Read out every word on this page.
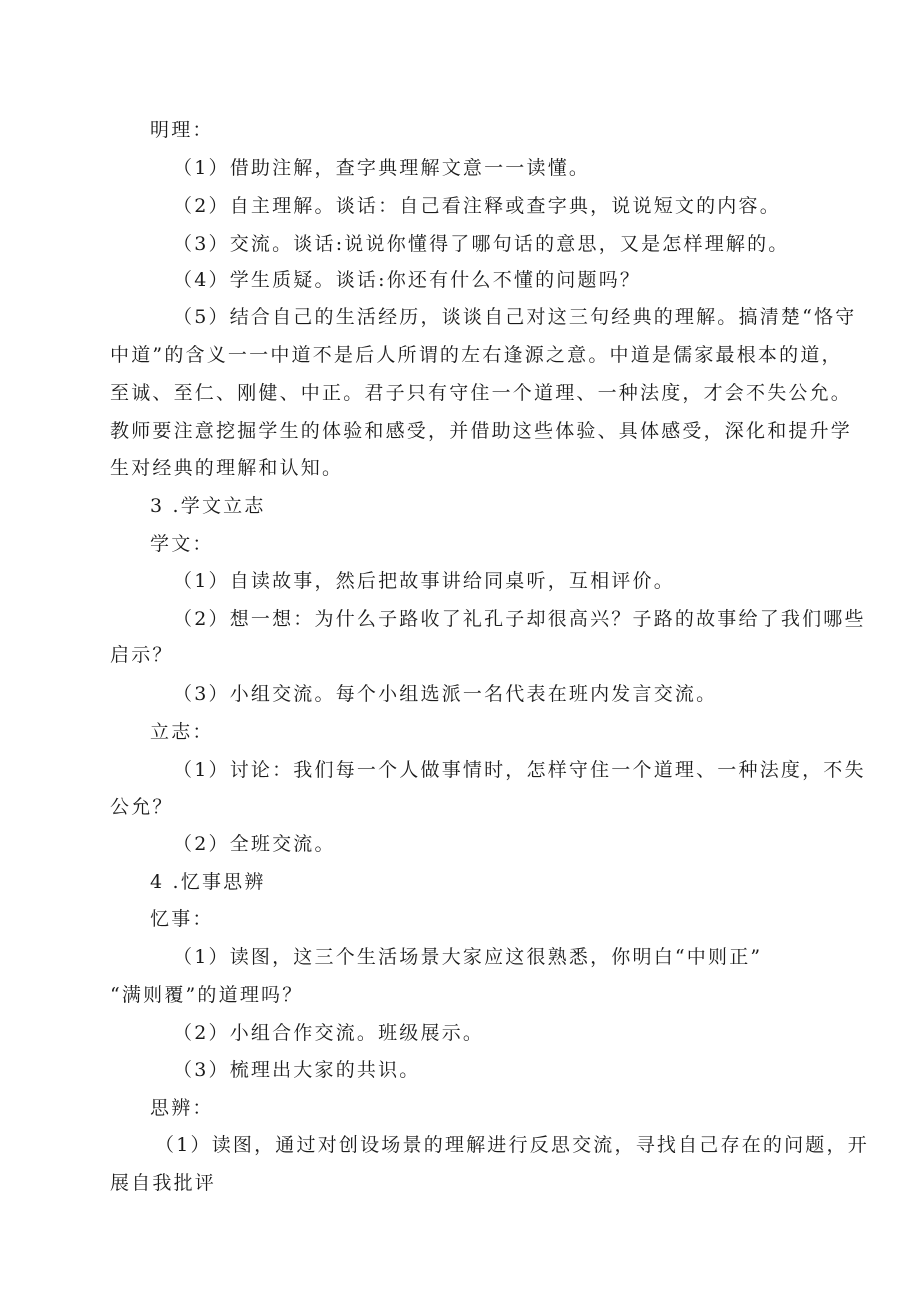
明理：
（1）借助注解，查字典理解文意一一读懂。
（2）自主理解。谈话：自己看注释或查字典，说说短文的内容。
（3）交流。谈话:说说你懂得了哪句话的意思，又是怎样理解的。
（4）学生质疑。谈话:你还有什么不懂的问题吗？
（5）结合自己的生活经历，谈谈自己对这三句经典的理解。搞清楚“恪守
中道”的含义一一中道不是后人所谓的左右逢源之意。中道是儒家最根本的道，
至诚、至仁、刚健、中正。君子只有守住一个道理、一种法度，才会不失公允。
教师要注意挖掘学生的体验和感受，并借助这些体验、具体感受，深化和提升学
生对经典的理解和认知。
3 .学文立志
学文：
（1）自读故事，然后把故事讲给同桌听，互相评价。
（2）想一想：为什么子路收了礼孔子却很高兴？子路的故事给了我们哪些
启示？
（3）小组交流。每个小组选派一名代表在班内发言交流。
立志：
（1）讨论：我们每一个人做事情时，怎样守住一个道理、一种法度，不失
公允？
（2）全班交流。
4 .忆事思辨
忆事：
（1）读图，这三个生活场景大家应这很熟悉，你明白“中则正”
“满则覆”的道理吗？
（2）小组合作交流。班级展示。
（3）梳理出大家的共识。
思辨：
（1）读图，通过对创设场景的理解进行反思交流，寻找自己存在的问题，开
展自我批评
